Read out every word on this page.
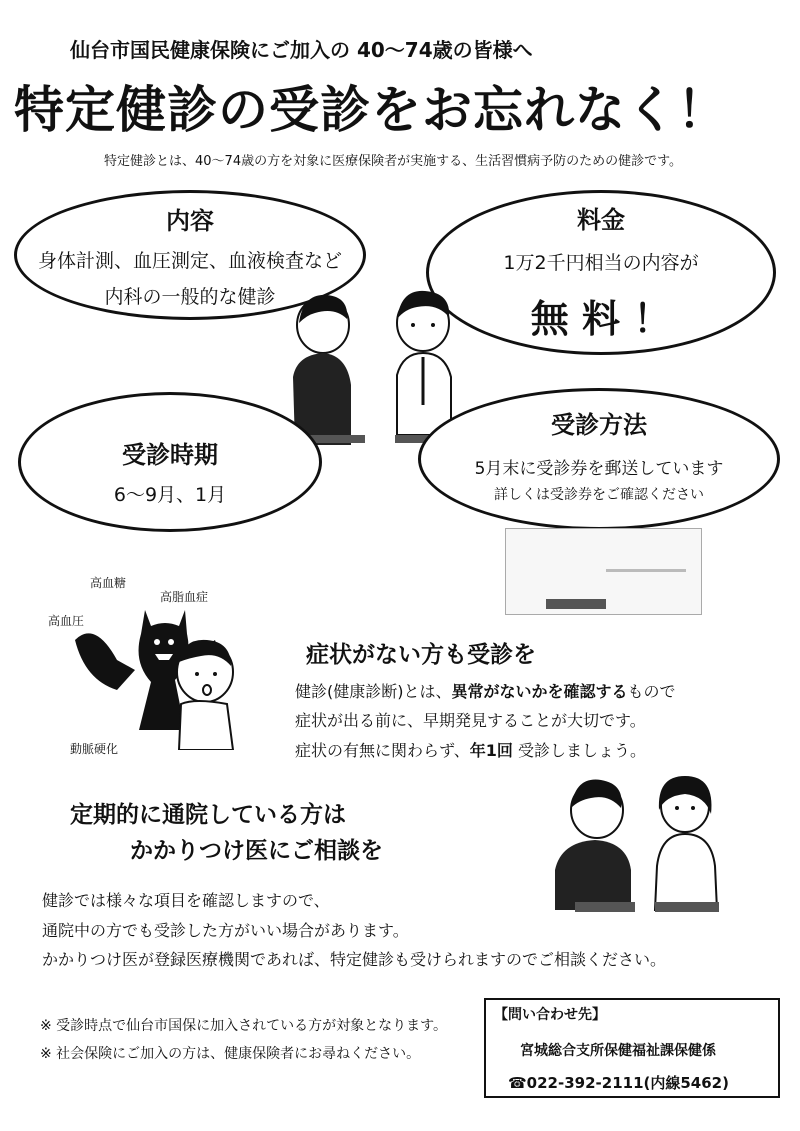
仙台市国民健康保険にご加入の 40～74歳の皆様へ
特定健診の受診をお忘れなく！
特定健診とは、40～74歳の方を対象に医療保険者が実施する、生活習慣病予防のための健診です。
内容
身体計測、血圧測定、血液検査など
内科の一般的な健診
料金
1万2千円相当の内容が
無 料 ！
受診時期
6～9月、1月
受診方法
5月末に受診券を郵送しています
詳しくは受診券をご確認ください
高血糖
高脂血症
高血圧
動脈硬化
症状がない方も受診を
健診(健康診断)とは、異常がないかを確認するもので
症状が出る前に、早期発見することが大切です。
症状の有無に関わらず、年1回 受診しましょう。
定期的に通院している方は
かかりつけ医にご相談を
健診では様々な項目を確認しますので、
通院中の方でも受診した方がいい場合があります。
かかりつけ医が登録医療機関であれば、特定健診も受けられますのでご相談ください。
※ 受診時点で仙台市国保に加入されている方が対象となります。
※ 社会保険にご加入の方は、健康保険者にお尋ねください。
【問い合わせ先】
宮城総合支所保健福祉課保健係
☎022-392-2111(内線5462)
